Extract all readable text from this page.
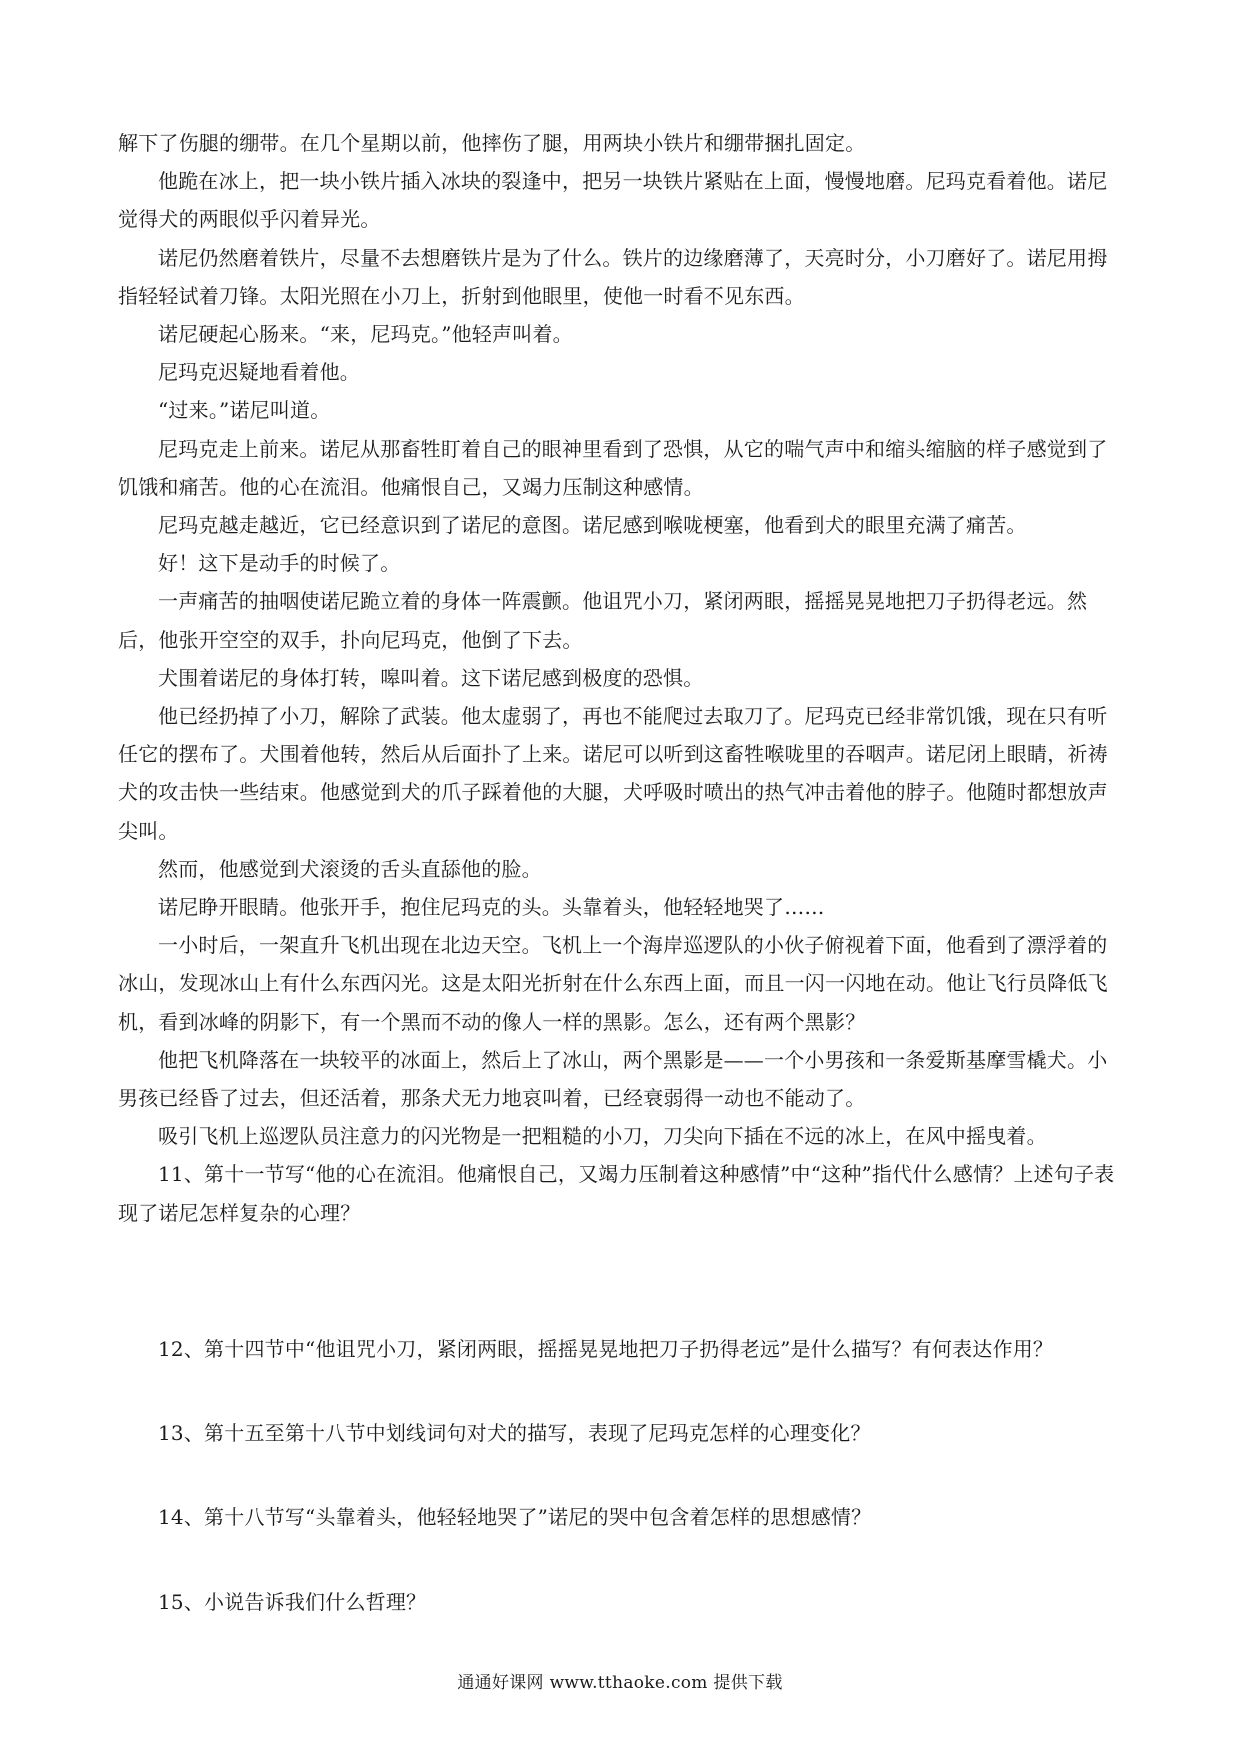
解下了伤腿的绷带。在几个星期以前，他摔伤了腿，用两块小铁片和绷带捆扎固定。

他跪在冰上，把一块小铁片插入冰块的裂逢中，把另一块铁片紧贴在上面，慢慢地磨。尼玛克看着他。诺尼觉得犬的两眼似乎闪着异光。

诺尼仍然磨着铁片，尽量不去想磨铁片是为了什么。铁片的边缘磨薄了，天亮时分，小刀磨好了。诺尼用拇指轻轻试着刀锋。太阳光照在小刀上，折射到他眼里，使他一时看不见东西。

诺尼硬起心肠来。“来，尼玛克。”他轻声叫着。

尼玛克迟疑地看着他。

“过来。”诺尼叫道。

尼玛克走上前来。诺尼从那畜牲盯着自己的眼神里看到了恐惧，从它的喘气声中和缩头缩脑的样子感觉到了饥饿和痛苦。他的心在流泪。他痛恨自己，又竭力压制这种感情。

尼玛克越走越近，它已经意识到了诺尼的意图。诺尼感到喉咙梗塞，他看到犬的眼里充满了痛苦。

好！这下是动手的时候了。

一声痛苦的抽咽使诺尼跪立着的身体一阵震颤。他诅咒小刀，紧闭两眼，摇摇晃晃地把刀子扔得老远。然后，他张开空空的双手，扑向尼玛克，他倒了下去。

犬围着诺尼的身体打转，嗥叫着。这下诺尼感到极度的恐惧。

他已经扔掉了小刀，解除了武装。他太虚弱了，再也不能爬过去取刀了。尼玛克已经非常饥饿，现在只有听任它的摆布了。犬围着他转，然后从后面扑了上来。诺尼可以听到这畜牲喉咙里的吞咽声。诺尼闭上眼睛，祈祷犬的攻击快一些结束。他感觉到犬的爪子踩着他的大腿，犬呼吸时喷出的热气冲击着他的脖子。他随时都想放声尖叫。

然而，他感觉到犬滚烫的舌头直舔他的脸。

诺尼睁开眼睛。他张开手，抱住尼玛克的头。头靠着头，他轻轻地哭了……

一小时后，一架直升飞机出现在北边天空。飞机上一个海岸巡逻队的小伙子俯视着下面，他看到了漂浮着的冰山，发现冰山上有什么东西闪光。这是太阳光折射在什么东西上面，而且一闪一闪地在动。他让飞行员降低飞机，看到冰峰的阴影下，有一个黑而不动的像人一样的黑影。怎么，还有两个黑影？

他把飞机降落在一块较平的冰面上，然后上了冰山，两个黑影是——一个小男孩和一条爱斯基摩雪橇犬。小男孩已经昏了过去，但还活着，那条犬无力地哀叫着，已经衰弱得一动也不能动了。

吸引飞机上巡逻队员注意力的闪光物是一把粗糙的小刀，刀尖向下插在不远的冰上，在风中摇曳着。

11、第十一节写“他的心在流泪。他痛恨自己，又竭力压制着这种感情”中“这种”指代什么感情？上述句子表现了诺尼怎样复杂的心理？

12、第十四节中“他诅咒小刀，紧闭两眼，摇摇晃晃地把刀子扔得老远”是什么描写？有何表达作用？

13、第十五至第十八节中划线词句对犬的描写，表现了尼玛克怎样的心理变化？

14、第十八节写“头靠着头，他轻轻地哭了”诺尼的哭中包含着怎样的思想感情？

15、小说告诉我们什么哲理？

通通好课网 www.tthaoke.com 提供下载
